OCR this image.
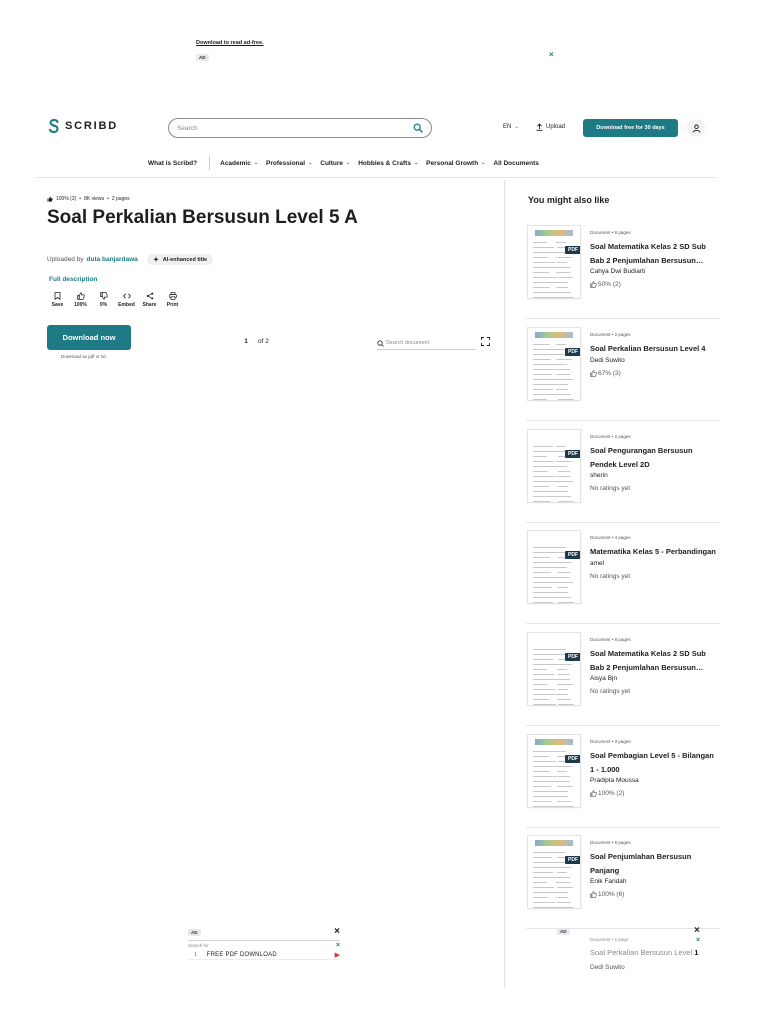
Download to read ad-free.
AD	×
SCRIBD	Search	EN ⌄	Upload	Download free for 30 days
What is Scribd?	Academic ⌄ Professional ⌄ Culture ⌄ Hobbies & Crafts ⌄ Personal Growth ⌄ All Documents
100% (2) • 8K views • 2 pages
Soal Perkalian Bersusun Level 5 A
Uploaded by duta banjardawa	AI-enhanced title
Full description
Save 100%	0% Embed Share Print
Download now
Download as pdf or txt
1	of 2	Search document
AD	×
Search for	×
1 FREE PDF DOWNLOAD	▶
You might also like
PDF
Document • 8 pages
Soal Matematika Kelas 2 SD Sub Bab 2 Penjumlahan Bersusun…
Cahya Dwi Budiarti
50% (2)
PDF
Document • 2 pages
Soal Perkalian Bersusun Level 4
Dedi Suwito
67% (3)
PDF
Document • 2 pages
Soal Pengurangan Bersusun Pendek Level 2D
sherin
No ratings yet
PDF
Document • 4 pages
Matematika Kelas 5 - Perbandingan
amel
No ratings yet
PDF
Document • 8 pages
Soal Matematika Kelas 2 SD Sub Bab 2 Penjumlahan Bersusun…
Aisya Bjn
No ratings yet
PDF
Document • 3 pages
Soal Pembagian Level 5 - Bilangan 1 - 1.000
Pradipta Moussa
100% (2)
PDF
Document • 6 pages
Soal Penjumlahan Bersusun Panjang
Enik Faridah
100% (6)
AD	×
Document • 1 page	×
Soal Perkalian Bersusun Level 1
Dedi Suwito
